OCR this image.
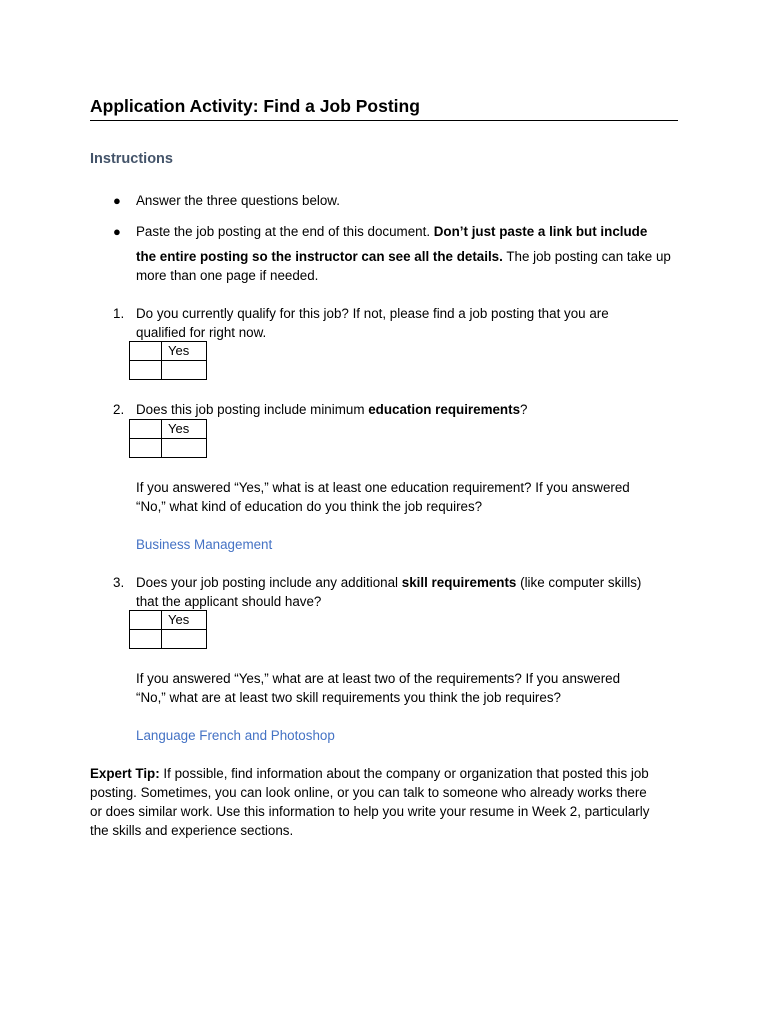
Application Activity: Find a Job Posting
Instructions
● Answer the three questions below.
● Paste the job posting at the end of this document. Don’t just paste a link but include
the entire posting so the instructor can see all the details. The job posting can take up
more than one page if needed.
1. Do you currently qualify for this job? If not, please find a job posting that you are
qualified for right now.
	Yes

2. Does this job posting include minimum education requirements?
	Yes

If you answered “Yes,” what is at least one education requirement? If you answered
“No,” what kind of education do you think the job requires?
Business Management
3. Does your job posting include any additional skill requirements (like computer skills)
that the applicant should have?
	Yes

If you answered “Yes,” what are at least two of the requirements? If you answered
“No,” what are at least two skill requirements you think the job requires?
Language French and Photoshop
Expert Tip: If possible, find information about the company or organization that posted this job
posting. Sometimes, you can look online, or you can talk to someone who already works there
or does similar work. Use this information to help you write your resume in Week 2, particularly
the skills and experience sections.
